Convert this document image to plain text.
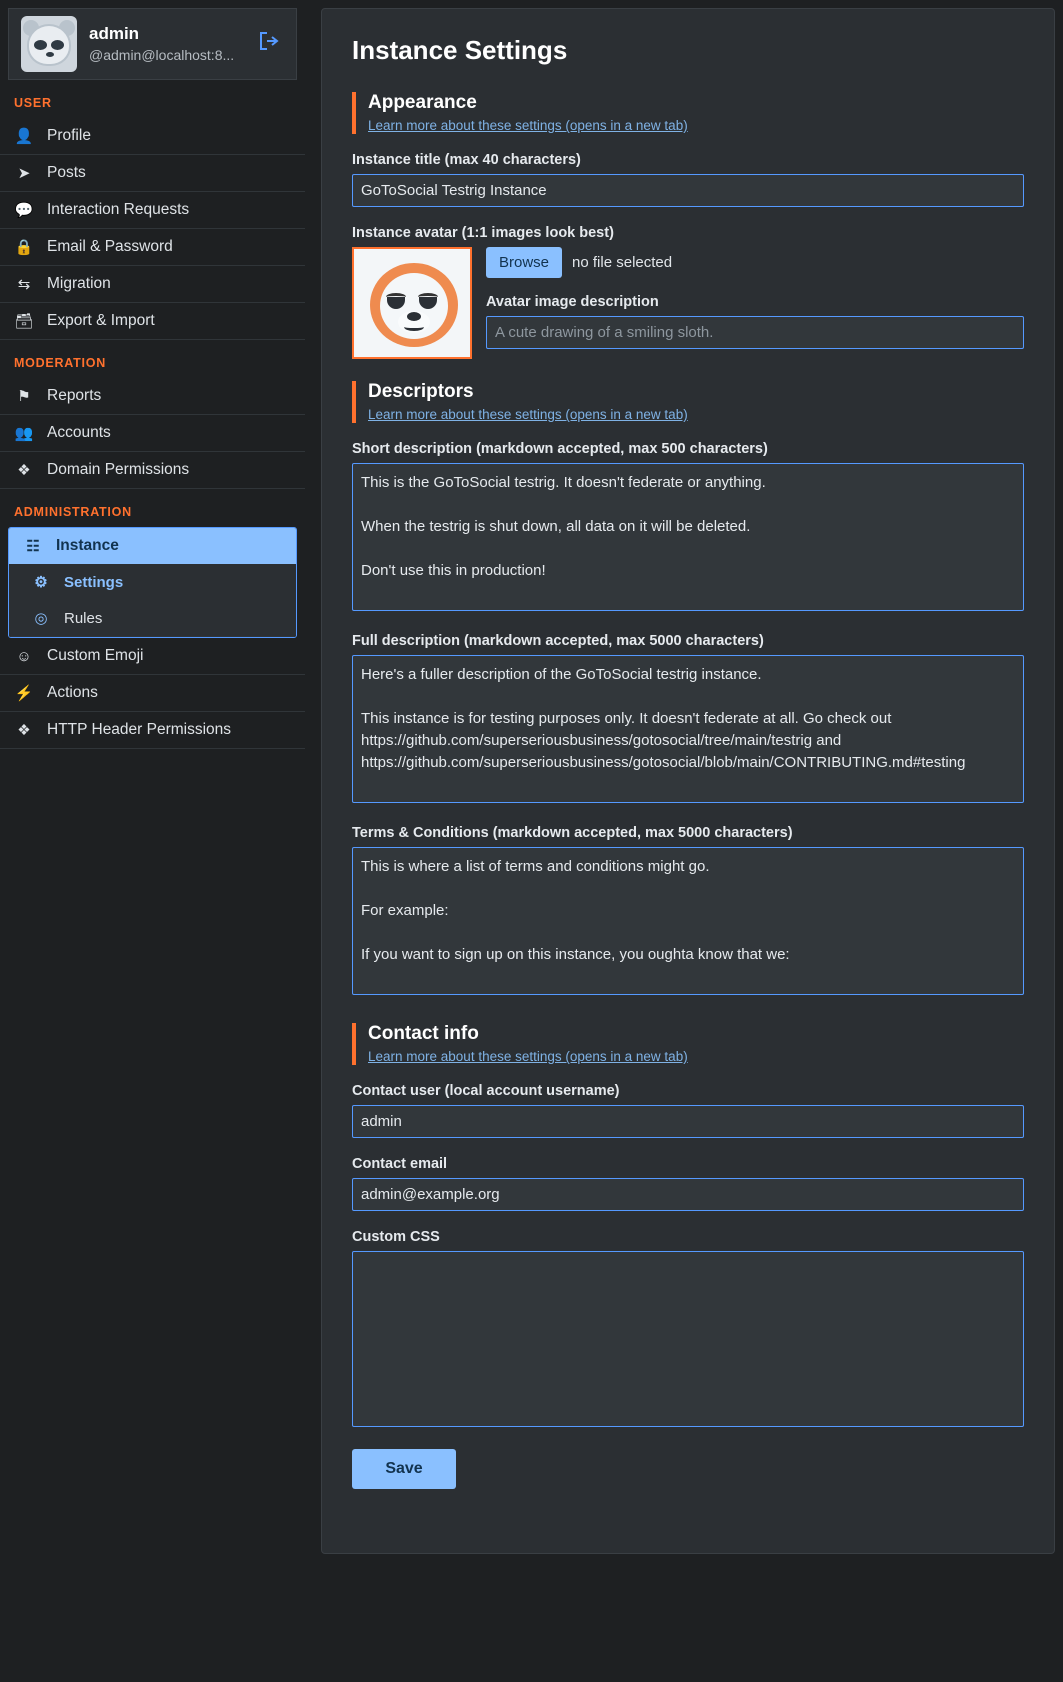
admin
@admin@localhost:8...
USER
👤 Profile
➤ Posts
💬 Interaction Requests
🔒 Email & Password
⇆ Migration
🗃 Export & Import
MODERATION
⚑ Reports
👥 Accounts
❖ Domain Permissions
ADMINISTRATION
☷ Instance
⚙ Settings
◎ Rules
☺ Custom Emoji
⚡ Actions
❖ HTTP Header Permissions
Instance Settings
Appearance
Learn more about these settings (opens in a new tab)
Instance title (max 40 characters)
GoToSocial Testrig Instance
Instance avatar (1:1 images look best)
Browse	no file selected
Avatar image description
A cute drawing of a smiling sloth.
Descriptors
Learn more about these settings (opens in a new tab)
Short description (markdown accepted, max 500 characters)
This is the GoToSocial testrig. It doesn't federate or anything. When the testrig is shut down, all data on it will be deleted. Don't use this in production!
Full description (markdown accepted, max 5000 characters)
Here's a fuller description of the GoToSocial testrig instance. This instance is for testing purposes only. It doesn't federate at all. Go check out https://github.com/superseriousbusiness/gotosocial/tree/main/testrig and https://github.com/superseriousbusiness/gotosocial/blob/main/CONTRIBUTING.md#testing
Terms & Conditions (markdown accepted, max 5000 characters)
This is where a list of terms and conditions might go. For example: If you want to sign up on this instance, you oughta know that we:
Contact info
Learn more about these settings (opens in a new tab)
Contact user (local account username)
admin
Contact email
admin@example.org
Custom CSS
Save
